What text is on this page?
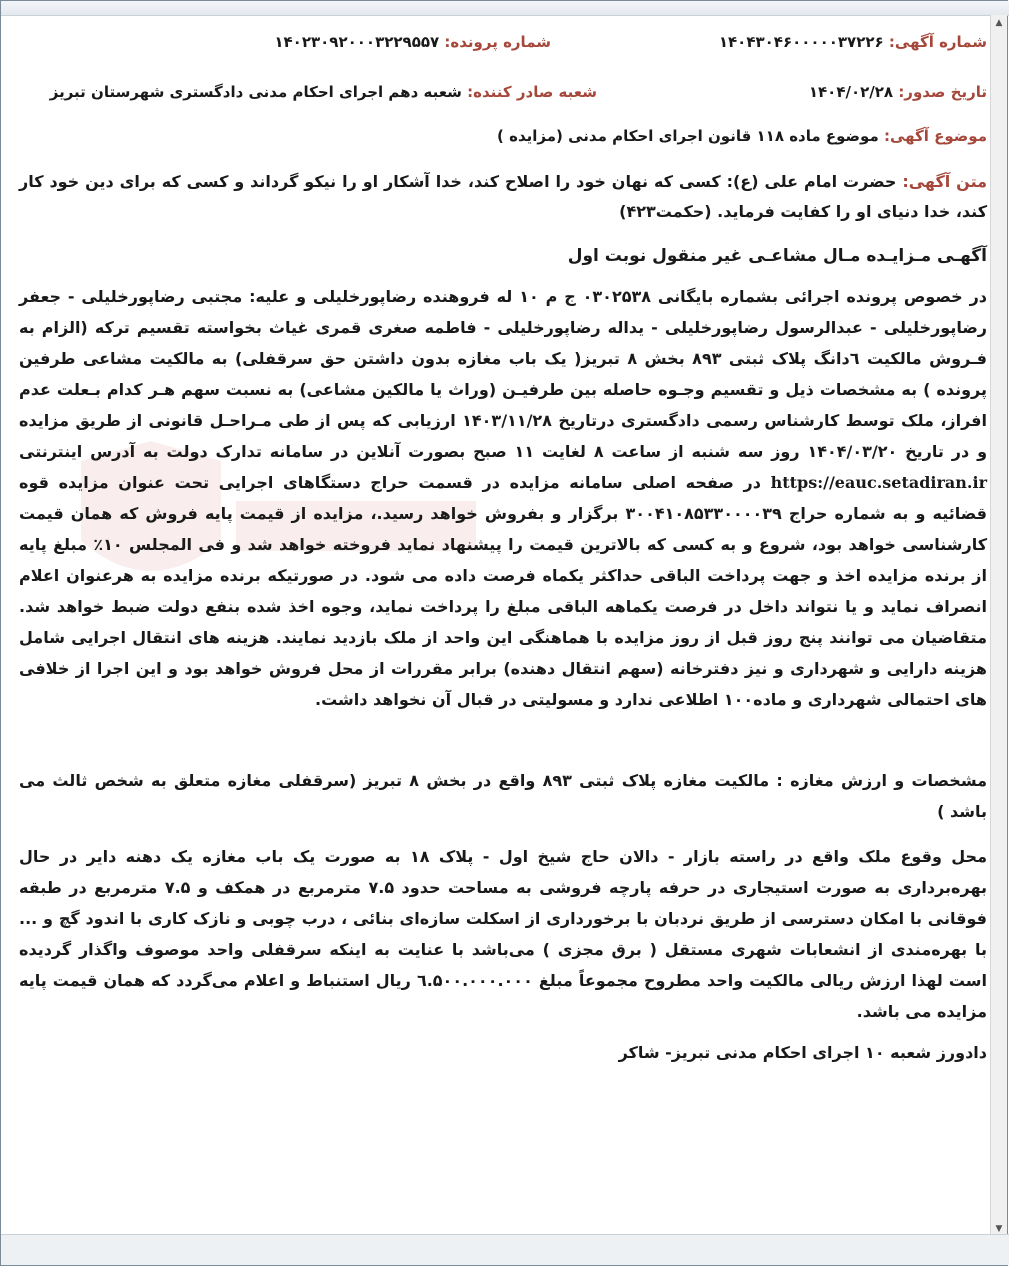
شماره آگهی: ۱۴۰۴۳۰۴۶۰۰۰۰۰۳۷۲۲۶
شماره پرونده: ۱۴۰۲۳۰۹۲۰۰۰۳۲۲۹۵۵۷
تاریخ صدور: ۱۴۰۴/۰۲/۲۸
شعبه صادر کننده: شعبه دهم اجرای احکام مدنی دادگستری شهرستان تبریز
موضوع آگهی: موضوع ماده ۱۱۸ قانون اجرای احکام مدنی (مزایده )
متن آگهی: حضرت امام علی (ع): کسی که نهان خود را اصلاح کند، خدا آشکار او را نیکو گرداند و کسی که برای دین خود کار کند، خدا دنیای او را کفایت فرماید. (حکمت۴۲۳)
آگهـی مـزایـده مـال مشاعـی غیر منقول نوبت اول
در خصوص پرونده اجرائی بشماره بایگانی ۰۳۰۲۵۳۸ ج م ۱۰ له فروهنده رضاپورخلیلی و علیه: مجتبی رضاپورخلیلی - جعفر رضاپورخلیلی - عبدالرسول رضاپورخلیلی - یداله رضاپورخلیلی - فاطمه صغری قمری غیاث بخواسته تقسیم ترکه (الزام به فـروش مالکیت ٦دانگ پلاک ثبتی ۸۹۳ بخش ۸ تبریز( یک باب مغازه بدون داشتن حق سرقفلی) به مالکیت مشاعی طرفین پرونده ) به مشخصات ذیل و تقسیم وجـوه حاصله بین طرفیـن (وراث یا مالکین مشاعی) به نسبت سهم هـر کدام بـعلت عدم افراز، ملک توسط کارشناس رسمی دادگستری درتاریخ ۱۴۰۳/۱۱/۲۸ ارزیابی که پس از طی مـراحـل قانونی از طریق مزایده و در تاریخ ۱۴۰۴/۰۳/۲۰ روز سه شنبه از ساعت ۸ لغایت ۱۱ صبح بصورت آنلاین در سامانه تدارک دولت به آدرس اینترنتی https://eauc.setadiran.ir در صفحه اصلی سامانه مزایده در قسمت حراج دستگاهای اجرایی تحت عنوان مزایده قوه قضائیه و به شماره حراج ۳۰۰۴۱۰۸۵۳۳۰۰۰۰۳۹ برگزار و بفروش خواهد رسید.، مزایده از قیمت پایه فروش که همان قیمت کارشناسی خواهد بود، شروع و به کسی که بالاترین قیمت را پیشنهاد نماید فروخته خواهد شد و فی المجلس ۱۰٪ مبلغ پایه از برنده مزایده اخذ و جهت پرداخت الباقی حداکثر یکماه فرصت داده می شود. در صورتیکه برنده مزایده به هرعنوان اعلام انصراف نماید و یا نتواند داخل در فرصت یکماهه الباقی مبلغ را پرداخت نماید، وجوه اخذ شده بنفع دولت ضبط خواهد شد. متقاضیان می توانند پنج روز قبل از روز مزایده با هماهنگی این واحد از ملک بازدید نمایند. هزینه های انتقال اجرایی شامل هزینه دارایی و شهرداری و نیز دفترخانه (سهم انتقال دهنده) برابر مقررات از محل فروش خواهد بود و این اجرا از خلافی های احتمالی شهرداری و ماده۱۰۰ اطلاعی ندارد و مسولیتی در قبال آن نخواهد داشت.
مشخصات و ارزش مغازه : مالکیت مغازه پلاک ثبتی ۸۹۳ واقع در بخش ۸ تبریز (سرقفلی مغازه متعلق به شخص ثالث می باشد )
محل وقوع ملک واقع در راسته بازار - دالان حاج شیخ اول - پلاک ۱۸ به صورت یک باب مغازه یک دهنه دایر در حال بهره‌برداری به صورت استیجاری در حرفه پارچه فروشی به مساحت حدود ۷.۵ مترمربع در همکف و ۷.۵ مترمربع در طبقه فوقانی با امکان دسترسی از طریق نردبان با برخورداری از اسکلت سازه‌ای بنائی ، درب چوبی و نازک کاری با اندود گچ و ... با بهره‌مندی از انشعابات شهری مستقل ( برق مجزی ) می‌باشد با عنایت به اینکه سرقفلی واحد موصوف واگذار گردیده است لهذا ارزش ریالی مالکیت واحد مطروح مجموعاً مبلغ ٦.۵۰۰.۰۰۰.۰۰۰ ریال استنباط و اعلام می‌گردد که همان قیمت پایه مزایده می باشد.
دادورز شعبه ۱۰ اجرای احکام مدنی تبریز- شاکر
▲
▼
